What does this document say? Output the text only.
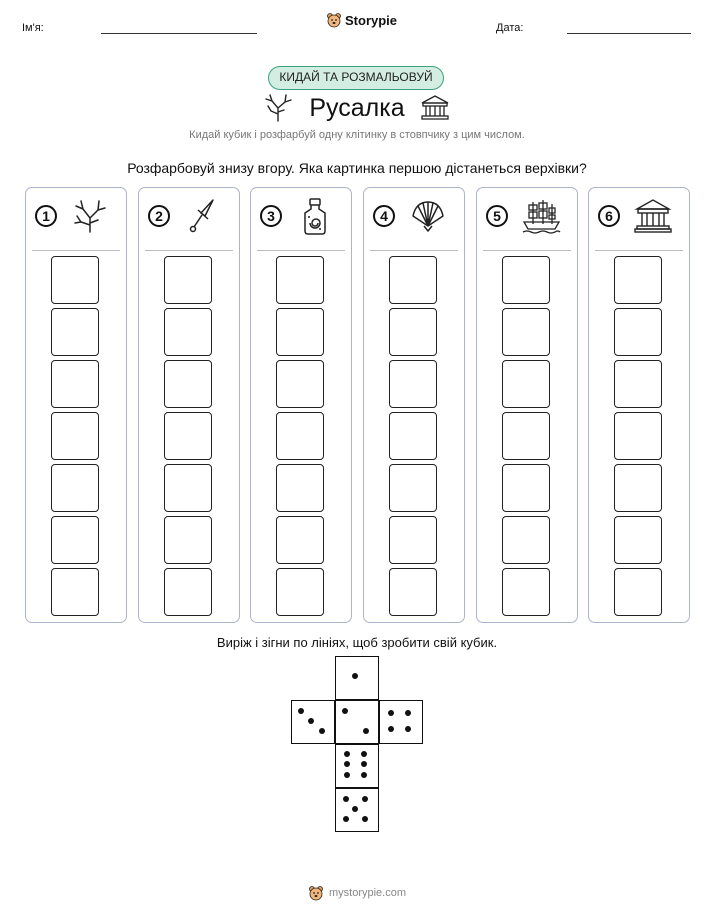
Ім'я:
Storypie
Дата:
КИДАЙ ТА РОЗМАЛЬОВУЙ
Русалка
Кидай кубик і розфарбуй одну клітинку в стовпчику з цим числом.
Розфарбовуй знизу вгору. Яка картинка першою дістанеться верхівки?
1	2	3	4	5	6
Виріж і зігни по лініях, щоб зробити свій кубик.
mystorypie.com
